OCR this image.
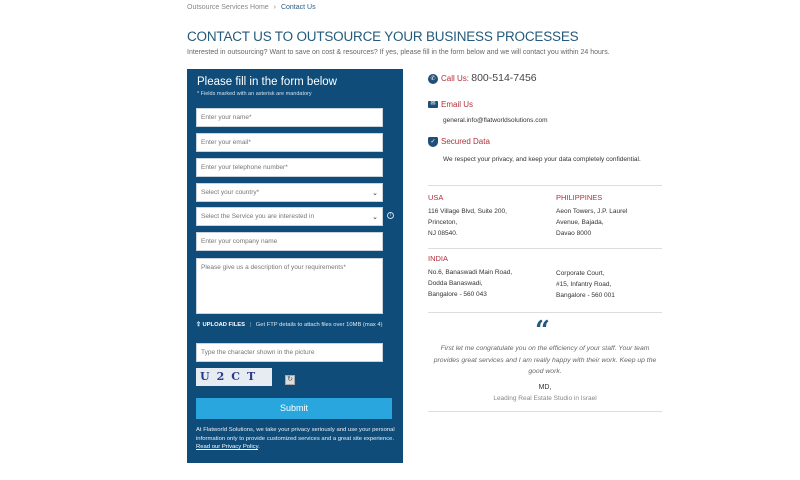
Outsource Services Home › Contact Us
CONTACT US TO OUTSOURCE YOUR BUSINESS PROCESSES

Interested in outsourcing? Want to save on cost & resources? If yes, please fill in the form below and we will contact you within 24 hours.

Please fill in the form below
* Fields marked with an asterisk are mandatory
Enter your name*
Enter your email*
Enter your telephone number*
Select your country*	⌄
Select the Service you are interested in	⌄	i
Enter your company name
Please give us a description of your requirements*
⇪ UPLOAD FILES | Get FTP details to attach files over 10MB (max 4)
Type the character shown in the picture
U2CT	↻
Submit

At Flatworld Solutions, we take your privacy seriously and use your personal information only to provide customized services and a great site experience. Read our Privacy Policy.

✆ Call Us: 800-514-7456
✉ Email Us
general.info@flatworldsolutions.com
✓ Secured Data
We respect your privacy, and keep your data completely confidential.
USA
116 Village Blvd, Suite 200,
Princeton,
NJ 08540.
PHILIPPINES
Aeon Towers, J.P. Laurel
Avenue, Bajada,
Davao 8000
INDIA
No.6, Banaswadi Main Road,
Dodda Banaswadi,
Bangalore - 560 043
Corporate Court,
#15, Infantry Road,
Bangalore - 560 001
“
First let me congratulate you on the efficiency of your staff. Your team provides great services and I am really happy with their work. Keep up the good work.
MD,
Leading Real Estate Studio in Israel
